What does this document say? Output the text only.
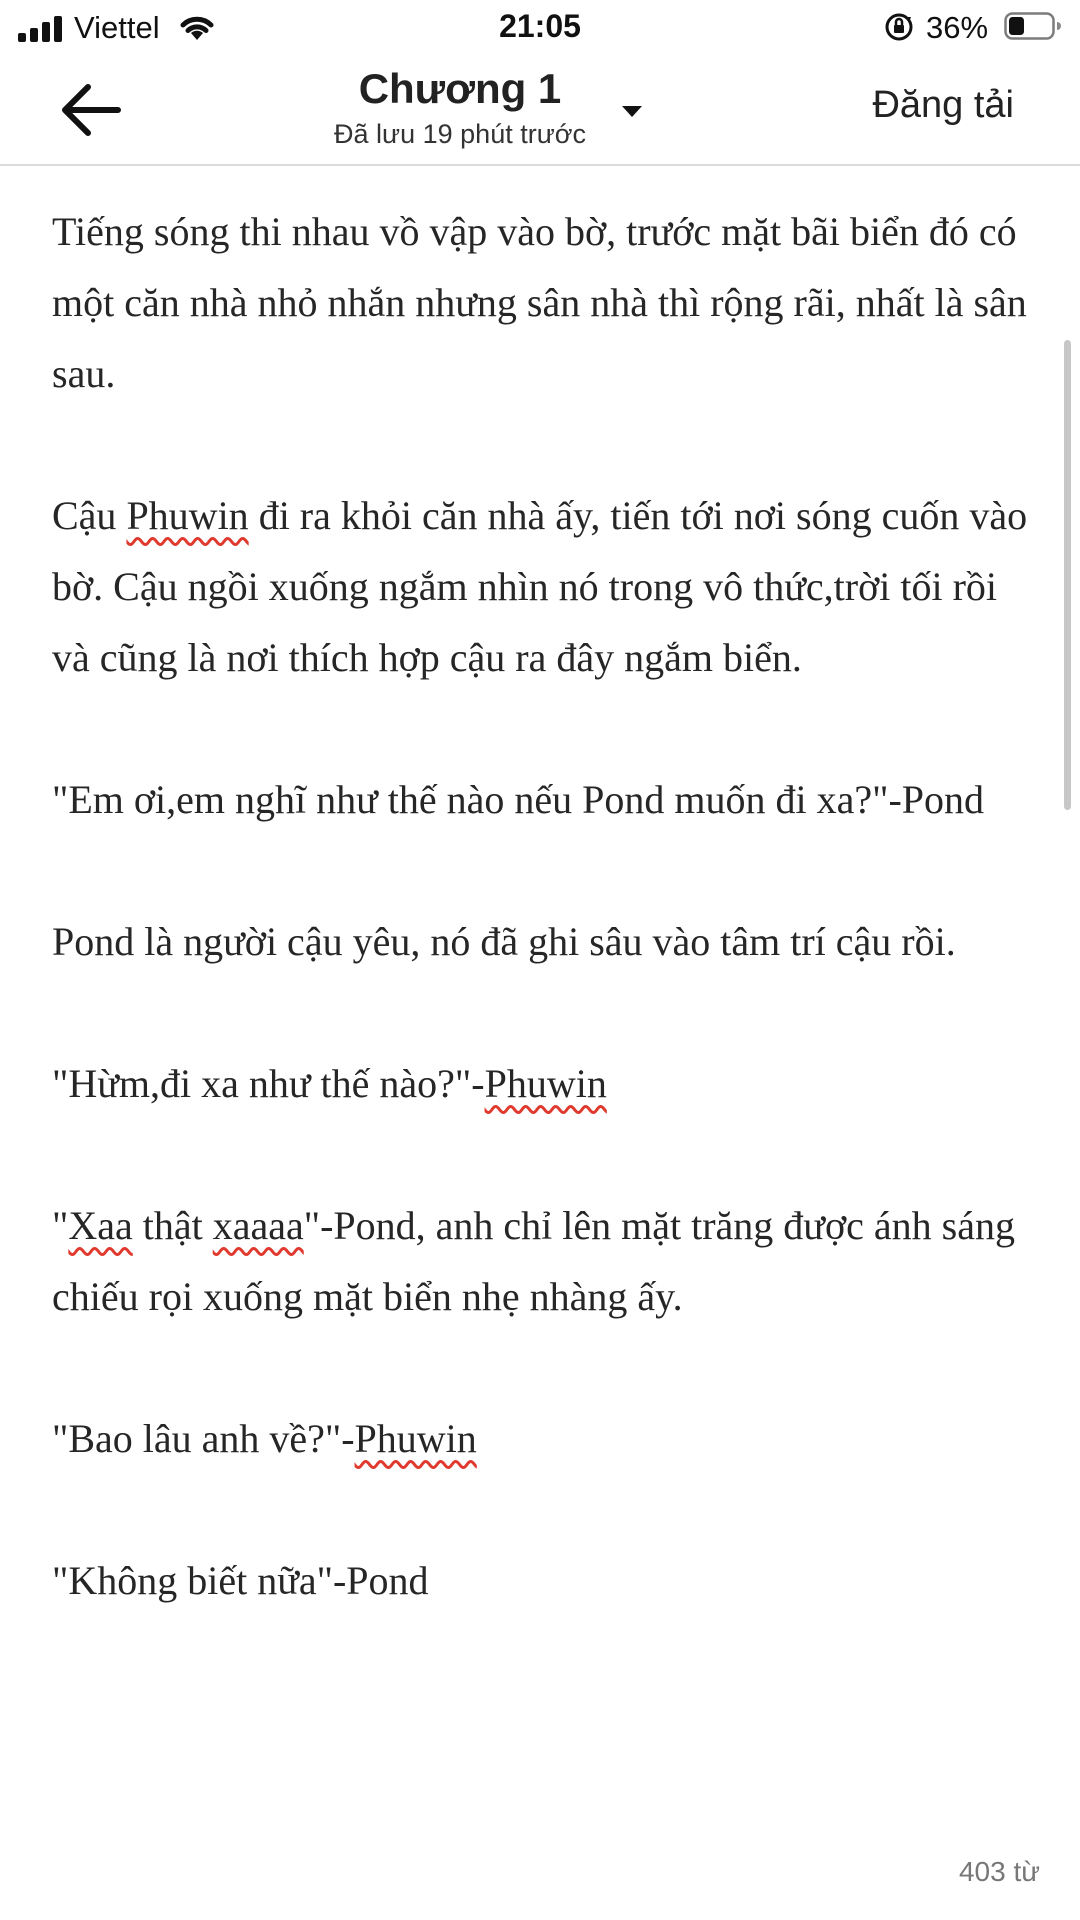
Viettel	21:05	36%
Chương 1
Đã lưu 19 phút trước
Đăng tải

Tiếng sóng thi nhau vồ vập vào bờ, trước mặt bãi biển đó có một căn nhà nhỏ nhắn nhưng sân nhà thì rộng rãi, nhất là sân sau.

Cậu Phuwin đi ra khỏi căn nhà ấy, tiến tới nơi sóng cuốn vào bờ. Cậu ngồi xuống ngắm nhìn nó trong vô thức,trời tối rồi và cũng là nơi thích hợp cậu ra đây ngắm biển.

"Em ơi,em nghĩ như thế nào nếu Pond muốn đi xa?"-Pond

Pond là người cậu yêu, nó đã ghi sâu vào tâm trí cậu rồi.

"Hừm,đi xa như thế nào?"-Phuwin

"Xaa thật xaaaa"-Pond, anh chỉ lên mặt trăng được ánh sáng chiếu rọi xuống mặt biển nhẹ nhàng ấy.

"Bao lâu anh về?"-Phuwin

"Không biết nữa"-Pond

403 từ
